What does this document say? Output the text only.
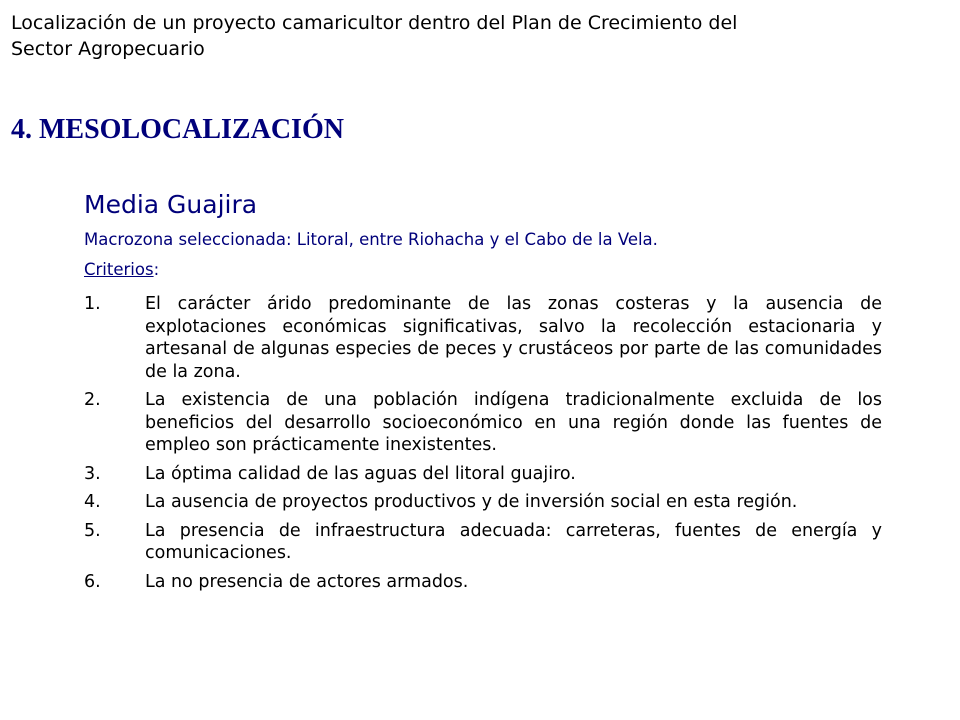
Localización de un proyecto camaricultor dentro del Plan de Crecimiento del
Sector Agropecuario
4. MESOLOCALIZACIÓN
Media Guajira
Macrozona seleccionada: Litoral, entre Riohacha y el Cabo de la Vela.
Criterios:
1.	El carácter árido predominante de las zonas costeras y la ausencia de explotaciones económicas significativas, salvo la recolección estacionaria y artesanal de algunas especies de peces y crustáceos por parte de las comunidades de la zona.
2.	La existencia de una población indígena tradicionalmente excluida de los beneficios del desarrollo socioeconómico en una región donde las fuentes de empleo son prácticamente inexistentes.
3.	La óptima calidad de las aguas del litoral guajiro.
4.	La ausencia de proyectos productivos y de inversión social en esta región.
5.	La presencia de infraestructura adecuada: carreteras, fuentes de energía y comunicaciones.
6.	La no presencia de actores armados.
